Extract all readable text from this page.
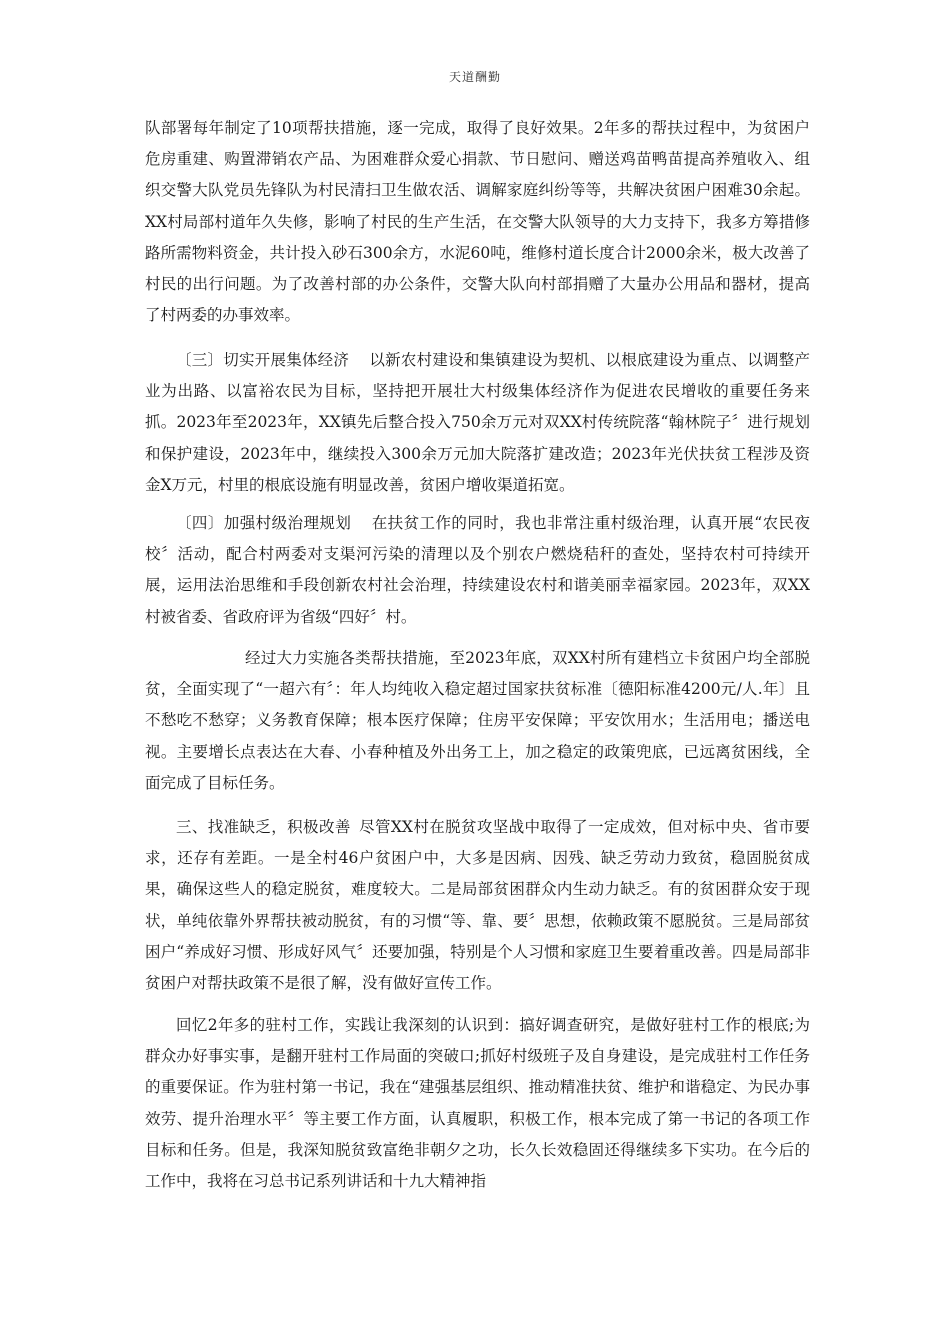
天道酬勤

队部署每年制定了10项帮扶措施，逐一完成，取得了良好效果。2年多的帮扶过程中，为贫困户危房重建、购置滞销农产品、为困难群众爱心捐款、节日慰问、赠送鸡苗鸭苗提高养殖收入、组织交警大队党员先锋队为村民清扫卫生做农活、调解家庭纠纷等等，共解决贫困户困难30余起。XX村局部村道年久失修，影响了村民的生产生活，在交警大队领导的大力支持下，我多方筹措修路所需物料资金，共计投入砂石300余方，水泥60吨，维修村道长度合计2000余米，极大改善了村民的出行问题。为了改善村部的办公条件，交警大队向村部捐赠了大量办公用品和器材，提高了村两委的办事效率。

〔三〕切实开展集体经济 以新农村建设和集镇建设为契机、以根底建设为重点、以调整产业为出路、以富裕农民为目标，坚持把开展壮大村级集体经济作为促进农民增收的重要任务来抓。2023年至2023年，XX镇先后整合投入750余万元对双XX村传统院落“翰林院子〞进行规划和保护建设，2023年中，继续投入300余万元加大院落扩建改造；2023年光伏扶贫工程涉及资金X万元，村里的根底设施有明显改善，贫困户增收渠道拓宽。

〔四〕加强村级治理规划 在扶贫工作的同时，我也非常注重村级治理，认真开展“农民夜校〞活动，配合村两委对支渠河污染的清理以及个别农户燃烧秸秆的查处，坚持农村可持续开展，运用法治思维和手段创新农村社会治理，持续建设农村和谐美丽幸福家园。2023年，双XX村被省委、省政府评为省级“四好〞村。

经过大力实施各类帮扶措施，至2023年底，双XX村所有建档立卡贫困户均全部脱贫，全面实现了“一超六有〞：年人均纯收入稳定超过国家扶贫标准〔德阳标准4200元/人.年〕且不愁吃不愁穿；义务教育保障；根本医疗保障；住房平安保障；平安饮用水；生活用电；播送电视。主要增长点表达在大春、小春种植及外出务工上，加之稳定的政策兜底，已远离贫困线，全面完成了目标任务。

三、找准缺乏，积极改善 尽管XX村在脱贫攻坚战中取得了一定成效，但对标中央、省市要求，还存有差距。一是全村46户贫困户中，大多是因病、因残、缺乏劳动力致贫，稳固脱贫成果，确保这些人的稳定脱贫，难度较大。二是局部贫困群众内生动力缺乏。有的贫困群众安于现状，单纯依靠外界帮扶被动脱贫，有的习惯“等、靠、要〞思想，依赖政策不愿脱贫。三是局部贫困户“养成好习惯、形成好风气〞还要加强，特别是个人习惯和家庭卫生要着重改善。四是局部非贫困户对帮扶政策不是很了解，没有做好宣传工作。

回忆2年多的驻村工作，实践让我深刻的认识到：搞好调查研究，是做好驻村工作的根底;为群众办好事实事，是翻开驻村工作局面的突破口;抓好村级班子及自身建设，是完成驻村工作任务的重要保证。作为驻村第一书记，我在“建强基层组织、推动精准扶贫、维护和谐稳定、为民办事效劳、提升治理水平〞等主要工作方面，认真履职，积极工作，根本完成了第一书记的各项工作目标和任务。但是，我深知脱贫致富绝非朝夕之功，长久长效稳固还得继续多下实功。在今后的工作中，我将在习总书记系列讲话和十九大精神指
